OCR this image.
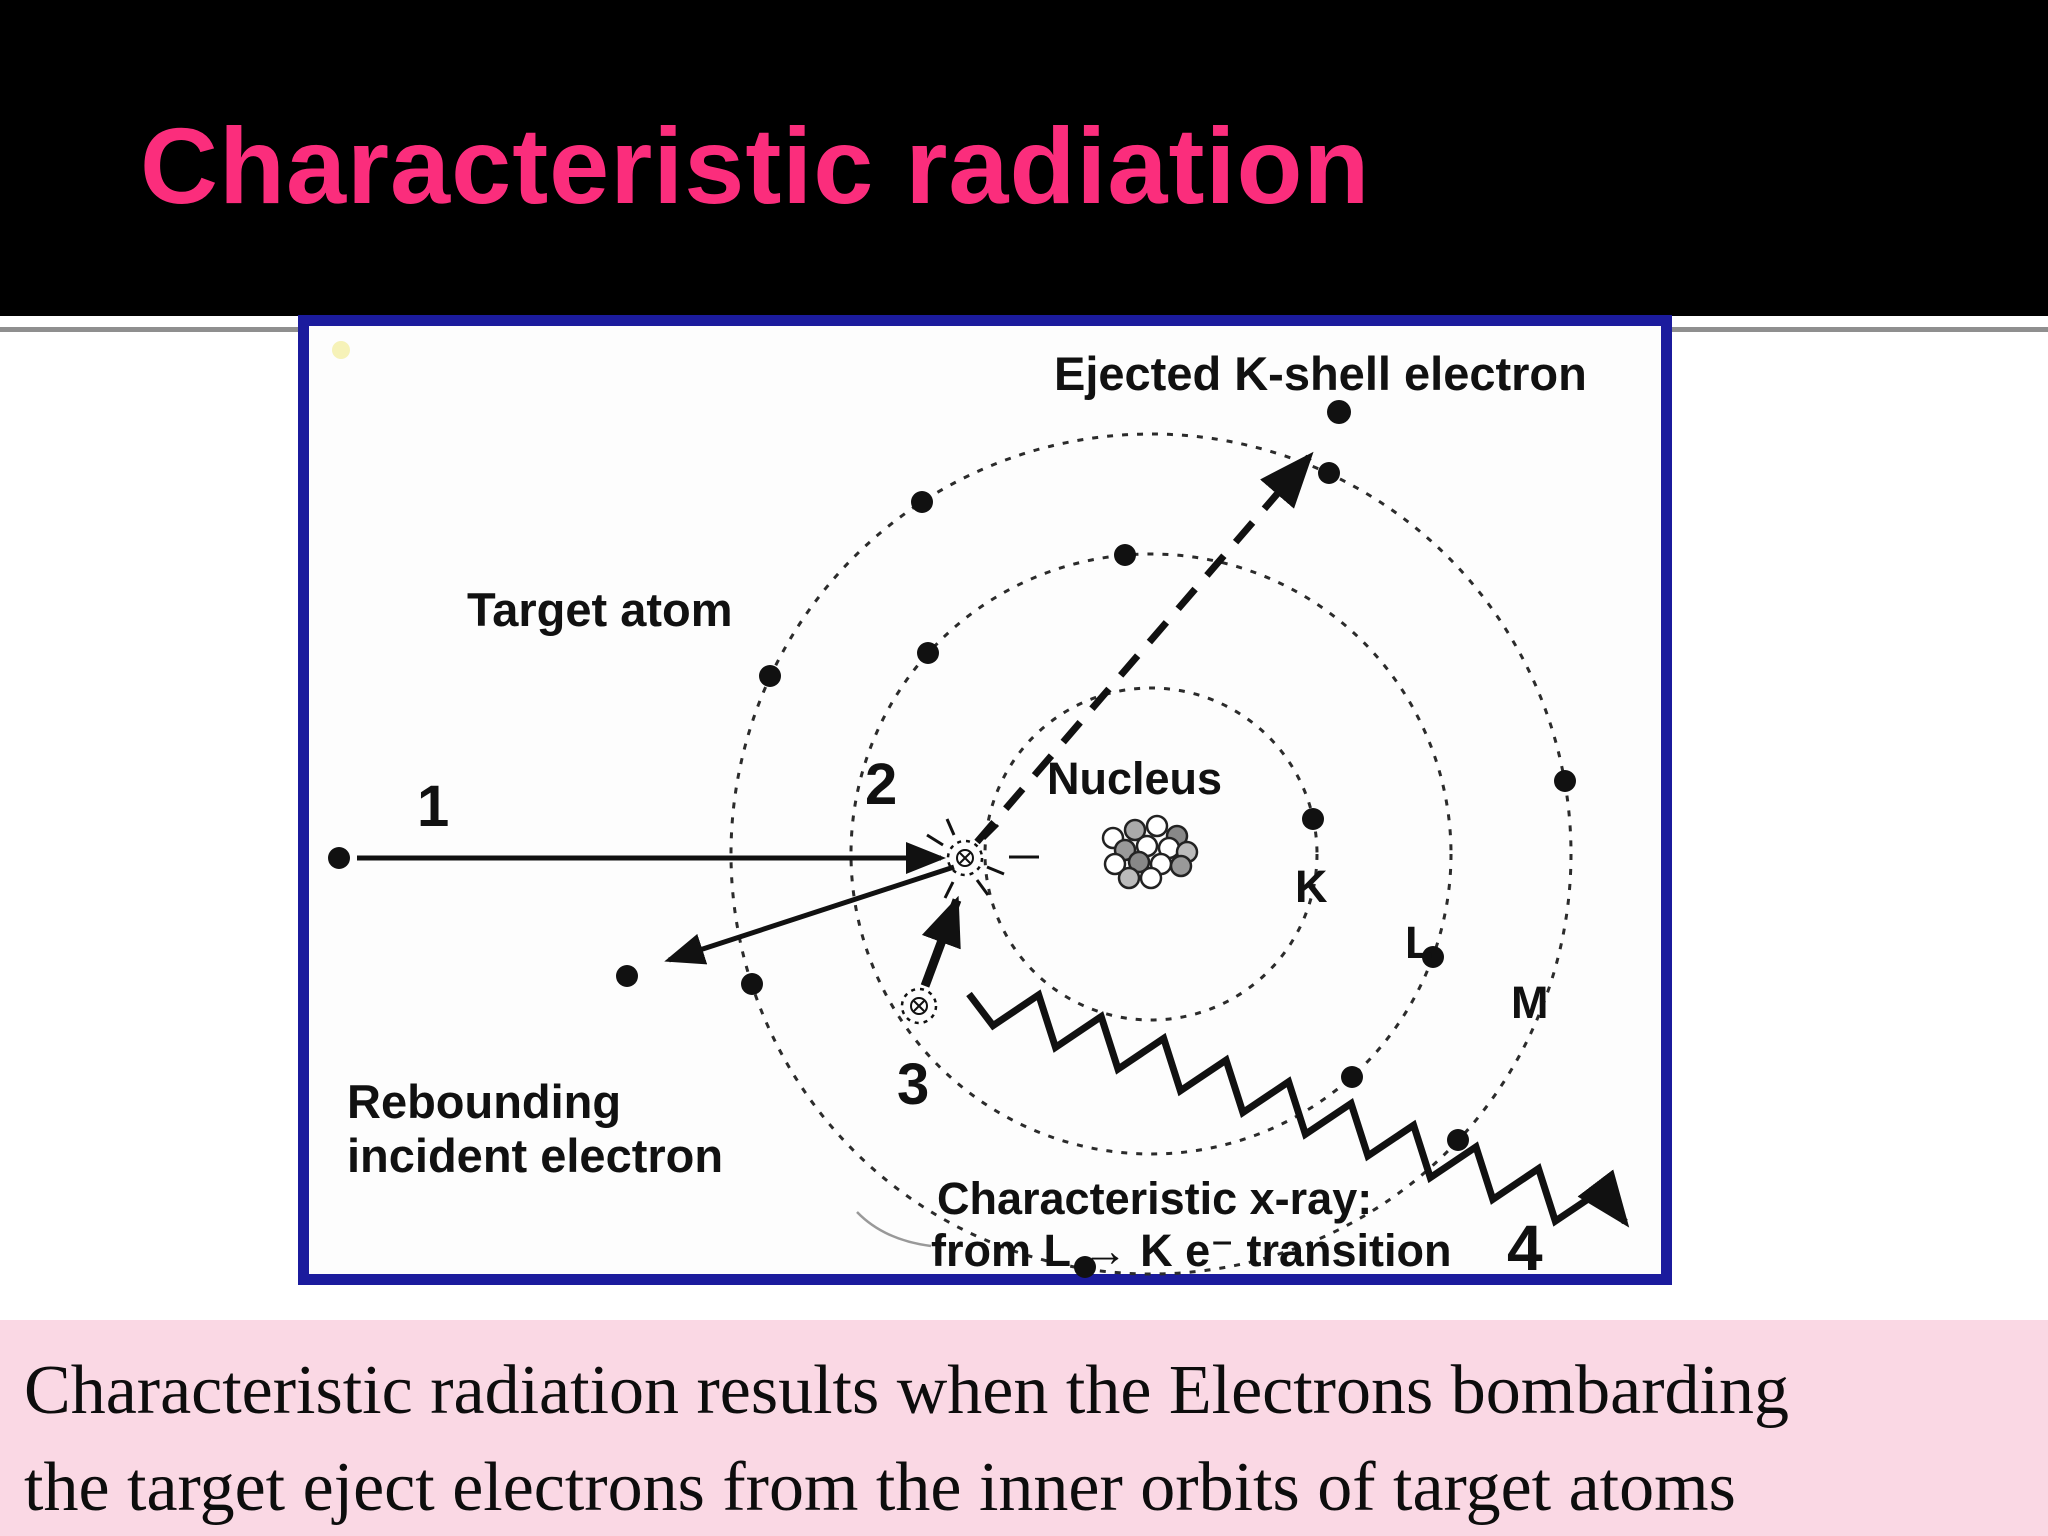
Characteristic radiation
Ejected K-shell electron
Target atom
Nucleus
K
L
M
1	2
3
4
Rebounding
incident electron
Characteristic x-ray:
from L → K e⁻ transition
Characteristic radiation results when the Electrons bombarding
the target eject electrons from the inner orbits of target atoms
